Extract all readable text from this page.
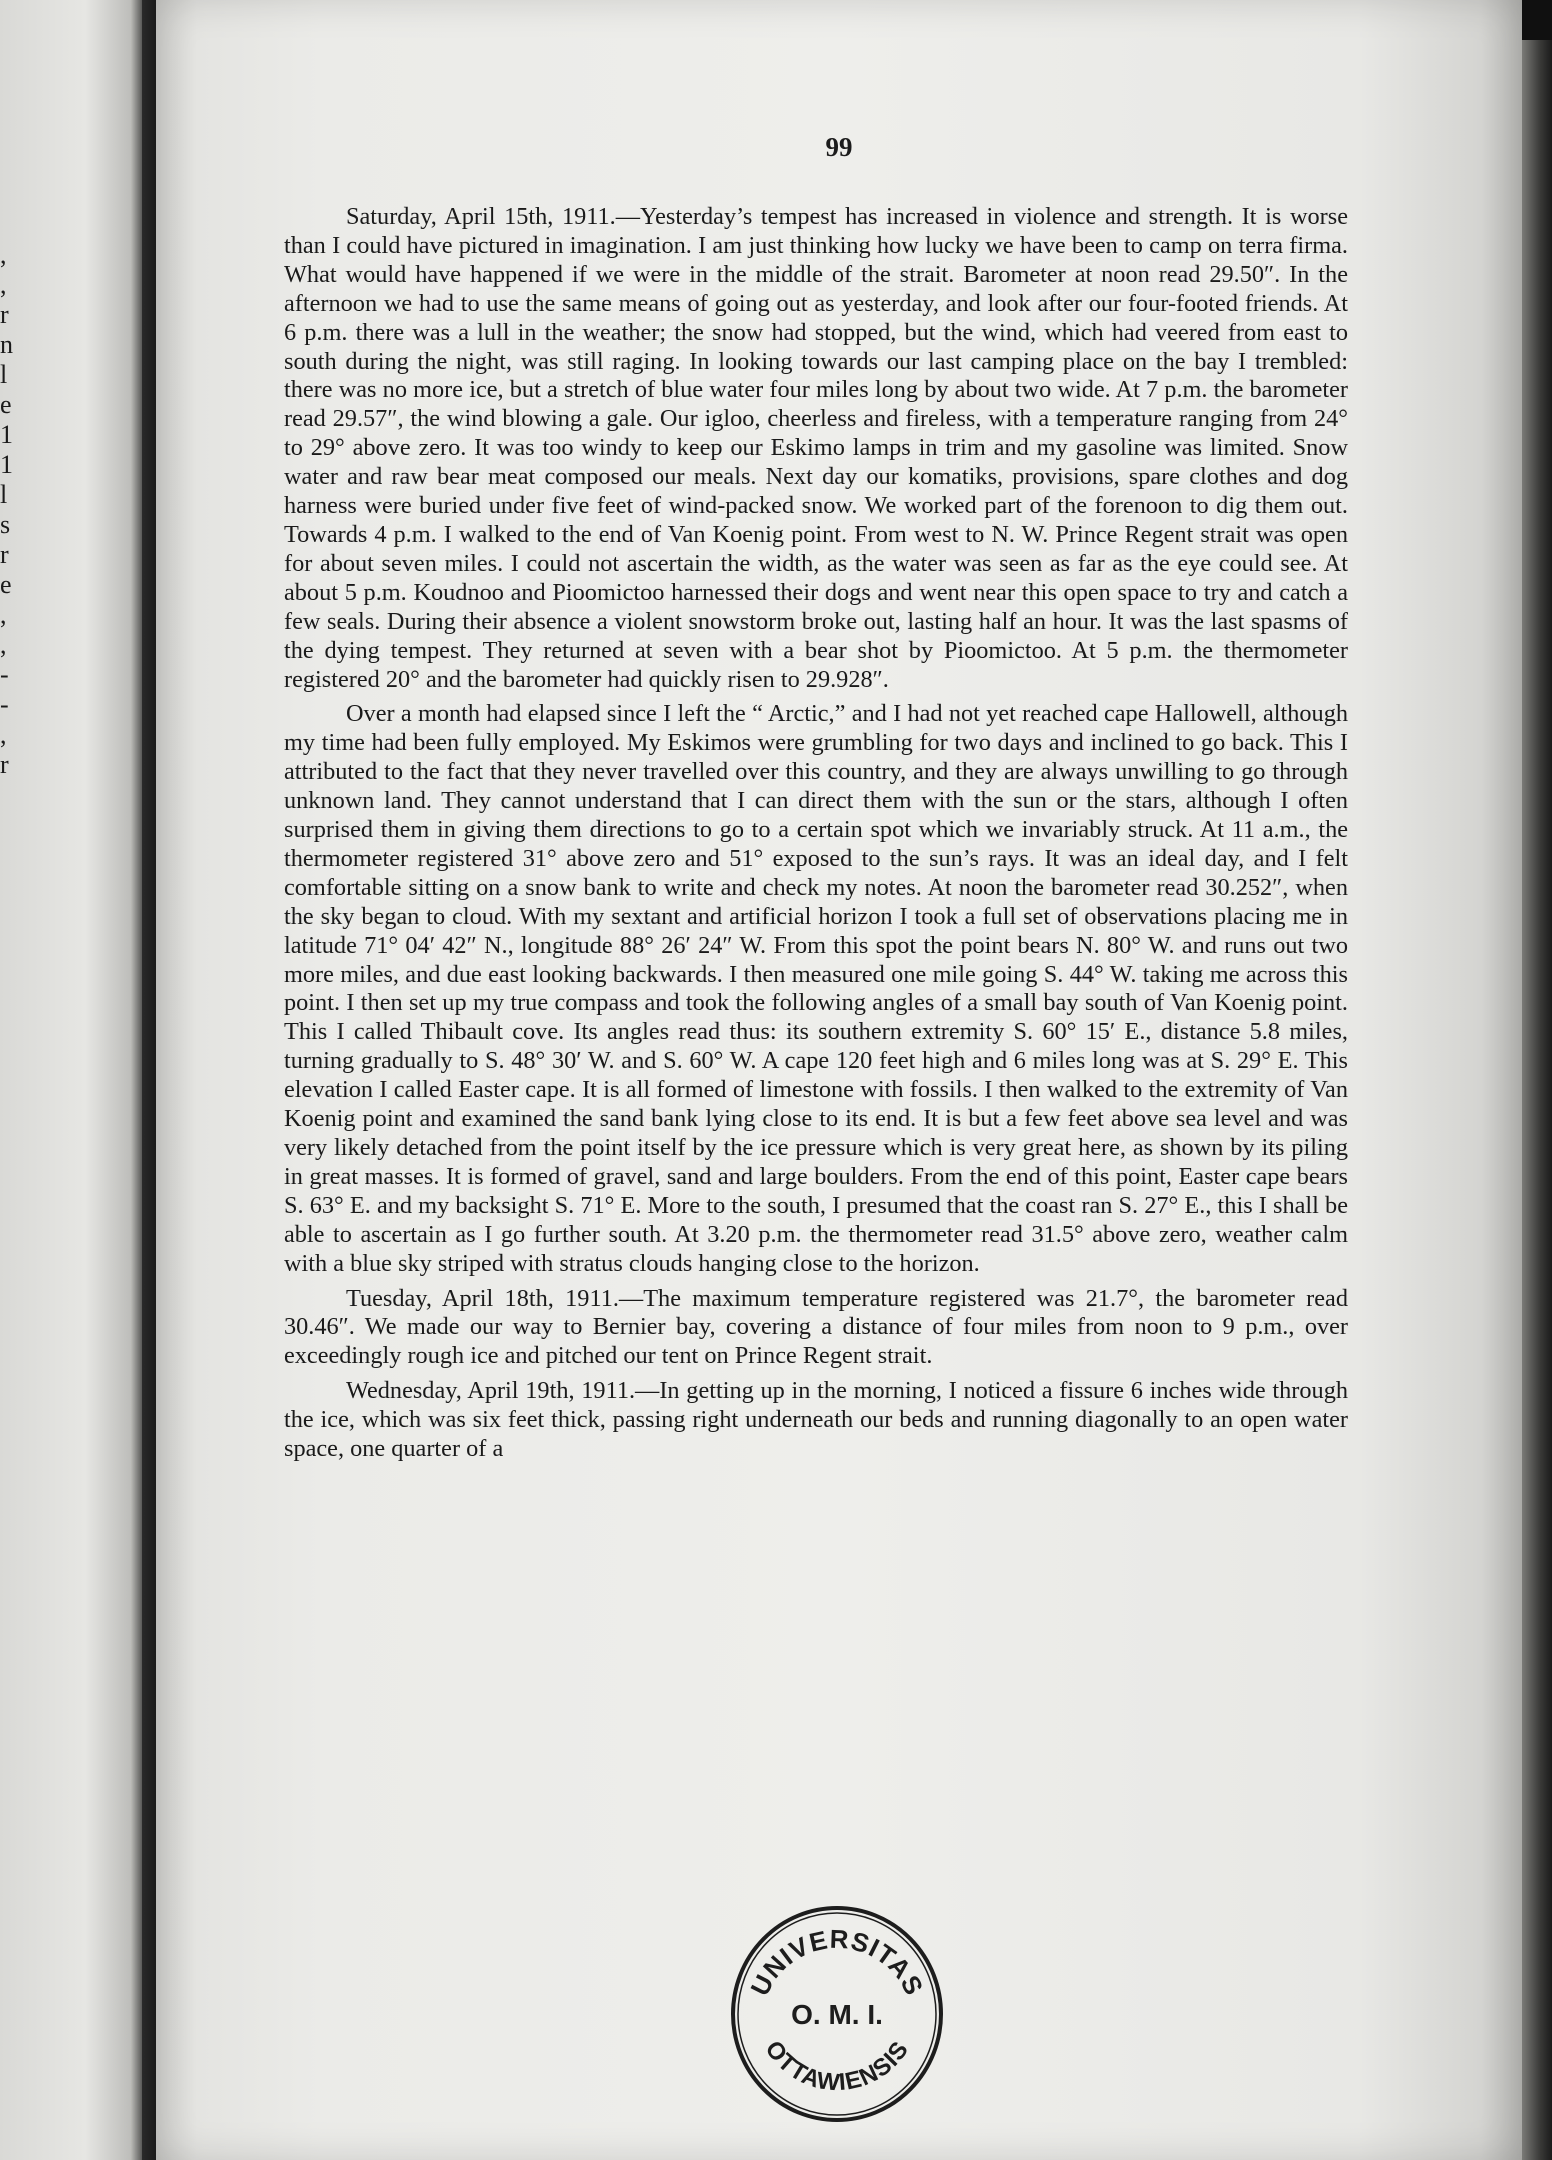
,
,
r
n
l
e
1
1
l
s
r
e
,
,
-
-
,
r
99

Saturday, April 15th, 1911.—Yesterday’s tempest has increased in violence and strength. It is worse than I could have pictured in imagination. I am just thinking how lucky we have been to camp on terra firma. What would have happened if we were in the middle of the strait. Barometer at noon read 29.50″. In the afternoon we had to use the same means of going out as yesterday, and look after our four-footed friends. At 6 p.m. there was a lull in the weather; the snow had stopped, but the wind, which had veered from east to south during the night, was still raging. In looking towards our last camping place on the bay I trembled: there was no more ice, but a stretch of blue water four miles long by about two wide. At 7 p.m. the barometer read 29.57″, the wind blowing a gale. Our igloo, cheerless and fireless, with a temperature ranging from 24° to 29° above zero. It was too windy to keep our Eskimo lamps in trim and my gasoline was limited. Snow water and raw bear meat composed our meals. Next day our komatiks, provisions, spare clothes and dog harness were buried under five feet of wind-packed snow. We worked part of the forenoon to dig them out. Towards 4 p.m. I walked to the end of Van Koenig point. From west to N. W. Prince Regent strait was open for about seven miles. I could not ascertain the width, as the water was seen as far as the eye could see. At about 5 p.m. Koudnoo and Pioomictoo harnessed their dogs and went near this open space to try and catch a few seals. During their absence a violent snowstorm broke out, lasting half an hour. It was the last spasms of the dying tempest. They returned at seven with a bear shot by Pioomictoo. At 5 p.m. the thermometer registered 20° and the barometer had quickly risen to 29.928″.

Over a month had elapsed since I left the “ Arctic,” and I had not yet reached cape Hallowell, although my time had been fully employed. My Eskimos were grumbling for two days and inclined to go back. This I attributed to the fact that they never travelled over this country, and they are always unwilling to go through unknown land. They cannot understand that I can direct them with the sun or the stars, although I often surprised them in giving them directions to go to a certain spot which we invariably struck. At 11 a.m., the thermometer registered 31° above zero and 51° exposed to the sun’s rays. It was an ideal day, and I felt comfortable sitting on a snow bank to write and check my notes. At noon the barometer read 30.252″, when the sky began to cloud. With my sextant and artificial horizon I took a full set of observations placing me in latitude 71° 04′ 42″ N., longitude 88° 26′ 24″ W. From this spot the point bears N. 80° W. and runs out two more miles, and due east looking backwards. I then measured one mile going S. 44° W. taking me across this point. I then set up my true compass and took the following angles of a small bay south of Van Koenig point. This I called Thibault cove. Its angles read thus: its southern extremity S. 60° 15′ E., distance 5.8 miles, turning gradually to S. 48° 30′ W. and S. 60° W. A cape 120 feet high and 6 miles long was at S. 29° E. This elevation I called Easter cape. It is all formed of limestone with fossils. I then walked to the extremity of Van Koenig point and examined the sand bank lying close to its end. It is but a few feet above sea level and was very likely detached from the point itself by the ice pressure which is very great here, as shown by its piling in great masses. It is formed of gravel, sand and large boulders. From the end of this point, Easter cape bears S. 63° E. and my backsight S. 71° E. More to the south, I presumed that the coast ran S. 27° E., this I shall be able to ascertain as I go further south. At 3.20 p.m. the thermometer read 31.5° above zero, weather calm with a blue sky striped with stratus clouds hanging close to the horizon.

Tuesday, April 18th, 1911.—The maximum temperature registered was 21.7°, the barometer read 30.46″. We made our way to Bernier bay, covering a distance of four miles from noon to 9 p.m., over exceedingly rough ice and pitched our tent on Prince Regent strait.

Wednesday, April 19th, 1911.—In getting up in the morning, I noticed a fissure 6 inches wide through the ice, which was six feet thick, passing right underneath our beds and running diagonally to an open water space, one quarter of a

UNIVERSITAS
O. M. I.
OTTAWIENSIS
